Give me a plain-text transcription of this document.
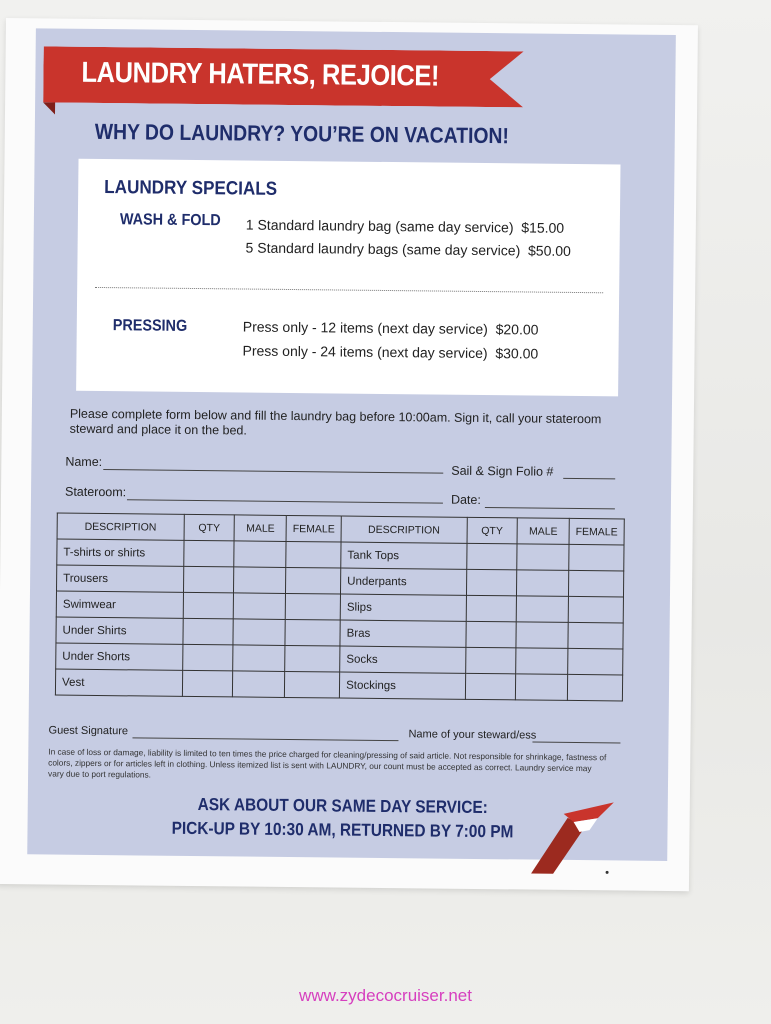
LAUNDRY HATERS, REJOICE!
WHY DO LAUNDRY? YOU’RE ON VACATION!
LAUNDRY SPECIALS
WASH & FOLD 1 Standard laundry bag (same day service) $15.00
5 Standard laundry bags (same day service) $50.00
PRESSING	Press only - 12 items (next day service) $20.00
Press only - 24 items (next day service) $30.00
Please complete form below and fill the laundry bag before 10:00am. Sign it, call your stateroom steward and place it on the bed.
Name:
Sail & Sign Folio #
Stateroom:
Date:
DESCRIPTION	QTY	MALE	FEMALE	DESCRIPTION	QTY	MALE	FEMALE
T-shirts or shirts				Tank Tops			
Trousers				Underpants			
Swimwear				Slips			
Under Shirts				Bras			
Under Shorts				Socks			
Vest				Stockings			
Guest Signature	Name of your steward/ess
In case of loss or damage, liability is limited to ten times the price charged for cleaning/pressing of said article. Not responsible for shrinkage, fastness of colors, zippers or for articles left in clothing. Unless itemized list is sent with LAUNDRY, our count must be accepted as correct. Laundry service may vary due to port regulations.
ASK ABOUT OUR SAME DAY SERVICE:
PICK-UP BY 10:30 AM, RETURNED BY 7:00 PM
www.zydecocruiser.net
